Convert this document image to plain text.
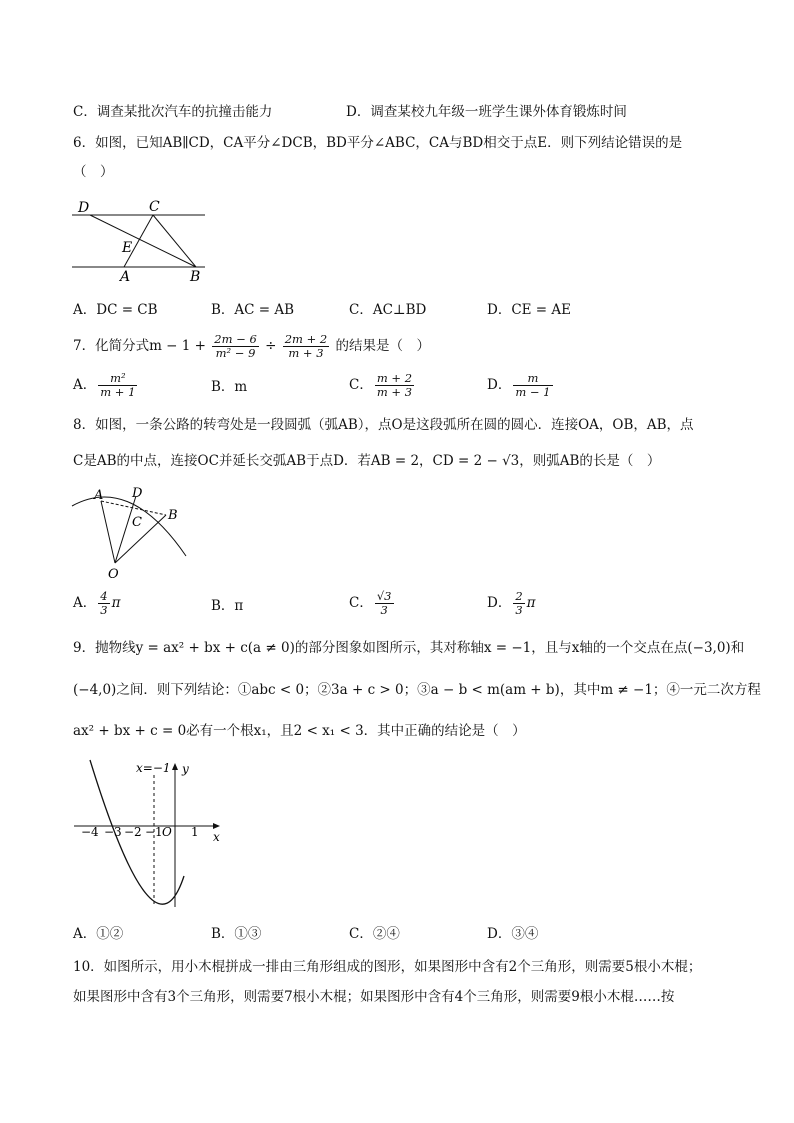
C．调查某批次汽车的抗撞击能力	D．调查某校九年级一班学生课外体育锻炼时间
6．如图，已知AB∥CD，CA平分∠DCB，BD平分∠ABC，CA与BD相交于点E．则下列结论错误的是
（　）
D	C
E
A	B
A．DC = CB	B．AC = AB	C．AC⊥BD	D．CE = AE
7．化简分式$m - 1 + \frac{2m - 6}{\text{m² − 9}} \div \frac{2m + 2}{m + 3}$ 的结果是（　）
A． $\frac{\text{m²}}{m + 1}$	B．m	C． $\frac{m + 2}{m + 3}$	D． $\frac{m}{m - 1}$
8．如图，一条公路的转弯处是一段圆弧（弧AB），点O是这段弧所在圆的圆心．连接OA，OB，AB，点
C是AB的中点，连接OC并延长交弧AB于点D．若AB = 2，CD = 2 − √3，则弧AB的长是（　）
A D
C B
O
A． $\frac{4}{3}$ π	B．π	C． $\frac{√3}{3}$	D． $\frac{2}{3}$ π
9．抛物线y = ax² + bx + c(a ≠ 0)的部分图象如图所示，其对称轴x = −1，且与x轴的一个交点在点(−3,0)和
(−4,0)之间．则下列结论：①abc < 0；②3a + c > 0；③a − b < m(am + b)，其中m ≠ −1；④一元二次方程
ax² + bx + c = 0必有一个根x₁，且2 < x₁ < 3．其中正确的结论是（　）
x=−1 y
x
−4 −3 −2 −1 O 1
A．①②	B．①③	C．②④	D．③④
10．如图所示，用小木棍拼成一排由三角形组成的图形，如果图形中含有2个三角形，则需要5根小木棍；
如果图形中含有3个三角形，则需要7根小木棍；如果图形中含有4个三角形，则需要9根小木棍……按
